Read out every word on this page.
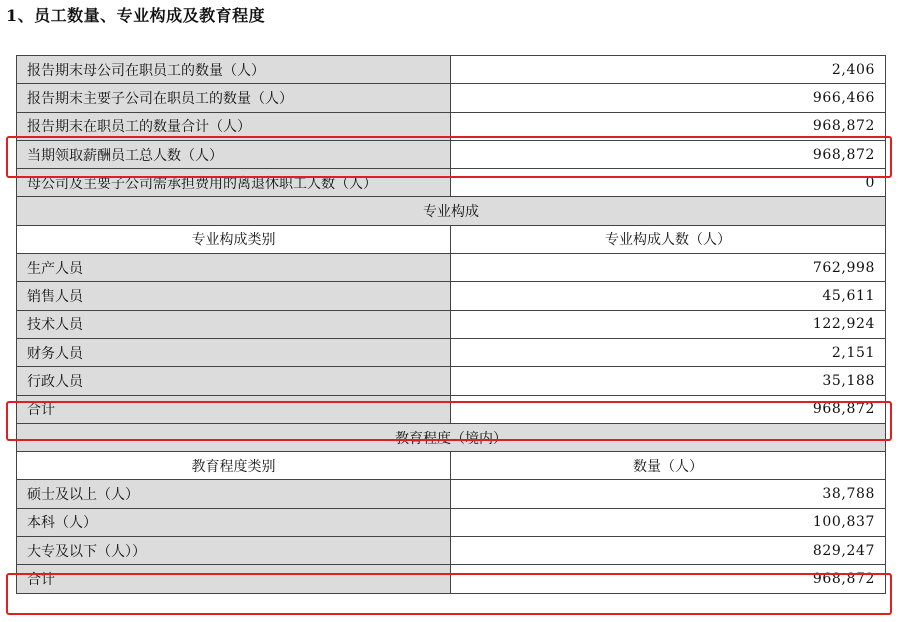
1、员工数量、专业构成及教育程度
报告期末母公司在职员工的数量（人）	2,406
报告期末主要子公司在职员工的数量（人）	966,466
报告期末在职员工的数量合计（人）	968,872
当期领取薪酬员工总人数（人）	968,872
母公司及主要子公司需承担费用的离退休职工人数（人）	0
专业构成	
专业构成类别	专业构成人数（人）
生产人员	762,998
销售人员	45,611
技术人员	122,924
财务人员	2,151
行政人员	35,188
合计	968,872
教育程度（境内）	
教育程度类别	数量（人）
硕士及以上（人）	38,788
本科（人）	100,837
大专及以下（人））	829,247
合计	968,872
